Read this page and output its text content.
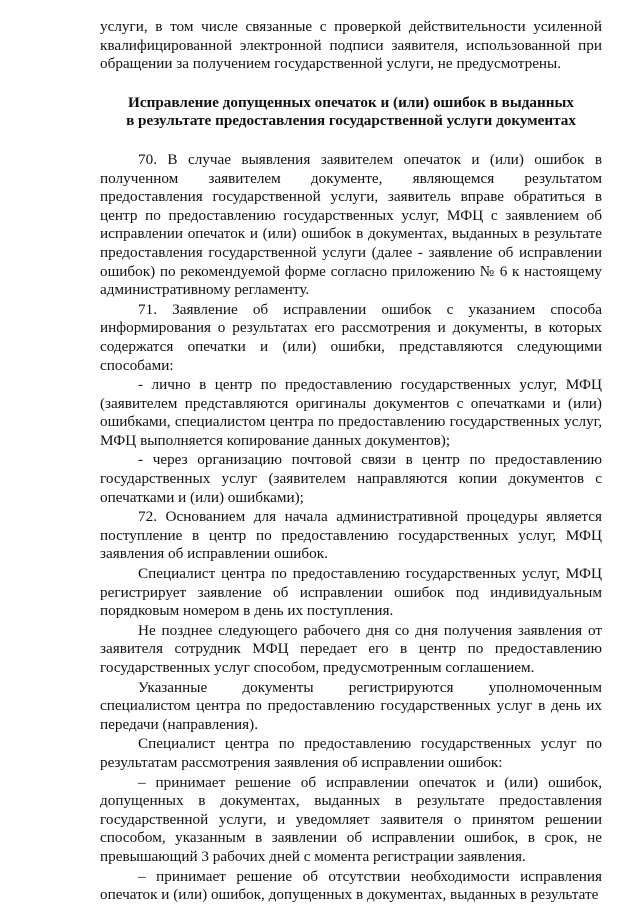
услуги, в том числе связанные с проверкой действительности усиленной квалифицированной электронной подписи заявителя, использованной при обращении за получением государственной услуги, не предусмотрены.

Исправление допущенных опечаток и (или) ошибок в выданных
в результате предоставления государственной услуги документах

70. В случае выявления заявителем опечаток и (или) ошибок в полученном заявителем документе, являющемся результатом предоставления государственной услуги, заявитель вправе обратиться в центр по предоставлению государственных услуг, МФЦ с заявлением об исправлении опечаток и (или) ошибок в документах, выданных в результате предоставления государственной услуги (далее - заявление об исправлении ошибок) по рекомендуемой форме согласно приложению № 6 к настоящему административному регламенту.

71. Заявление об исправлении ошибок с указанием способа информирования о результатах его рассмотрения и документы, в которых содержатся опечатки и (или) ошибки, представляются следующими способами:

- лично в центр по предоставлению государственных услуг, МФЦ (заявителем представляются оригиналы документов с опечатками и (или) ошибками, специалистом центра по предоставлению государственных услуг, МФЦ выполняется копирование данных документов);

- через организацию почтовой связи в центр по предоставлению государственных услуг (заявителем направляются копии документов с опечатками и (или) ошибками);

72. Основанием для начала административной процедуры является поступление в центр по предоставлению государственных услуг, МФЦ заявления об исправлении ошибок.

Специалист центра по предоставлению государственных услуг, МФЦ регистрирует заявление об исправлении ошибок под индивидуальным порядковым номером в день их поступления.

Не позднее следующего рабочего дня со дня получения заявления от заявителя сотрудник МФЦ передает его в центр по предоставлению государственных услуг способом, предусмотренным соглашением.

Указанные документы регистрируются уполномоченным специалистом центра по предоставлению государственных услуг в день их передачи (направления).

Специалист центра по предоставлению государственных услуг по результатам рассмотрения заявления об исправлении ошибок:

– принимает решение об исправлении опечаток и (или) ошибок, допущенных в документах, выданных в результате предоставления государственной услуги, и уведомляет заявителя о принятом решении способом, указанным в заявлении об исправлении ошибок, в срок, не превышающий 3 рабочих дней с момента регистрации заявления.

– принимает решение об отсутствии необходимости исправления опечаток и (или) ошибок, допущенных в документах, выданных в результате
